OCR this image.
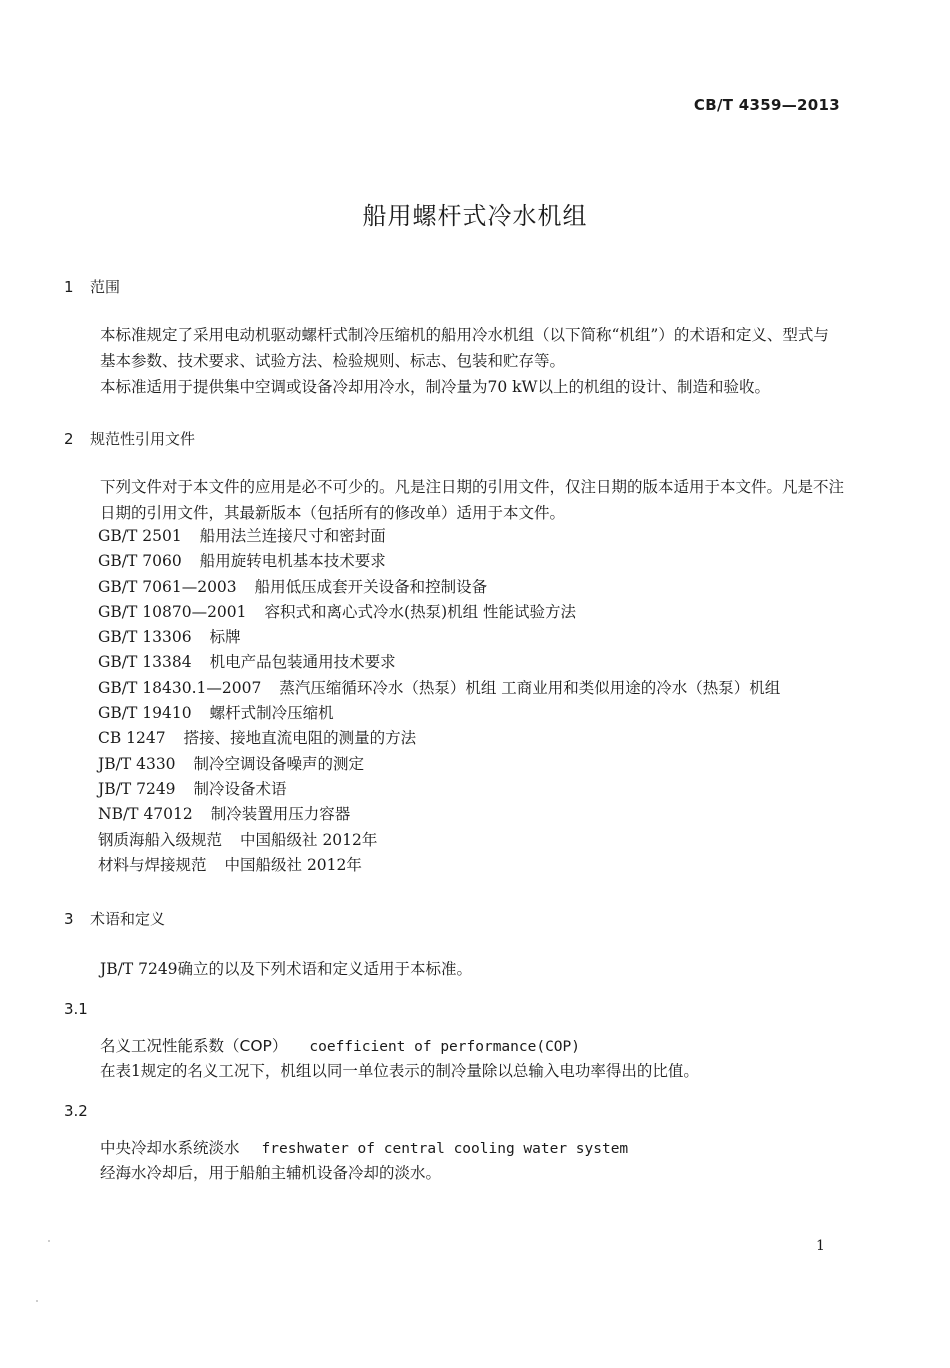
CB/T 4359—2013
船用螺杆式冷水机组
1 范围
本标准规定了采用电动机驱动螺杆式制冷压缩机的船用冷水机组（以下简称“机组”）的术语和定义、型式与基本参数、技术要求、试验方法、检验规则、标志、包装和贮存等。
本标准适用于提供集中空调或设备冷却用冷水，制冷量为70 kW以上的机组的设计、制造和验收。
2 规范性引用文件
下列文件对于本文件的应用是必不可少的。凡是注日期的引用文件，仅注日期的版本适用于本文件。凡是不注日期的引用文件，其最新版本（包括所有的修改单）适用于本文件。
GB/T 2501 船用法兰连接尺寸和密封面
GB/T 7060 船用旋转电机基本技术要求
GB/T 7061—2003 船用低压成套开关设备和控制设备
GB/T 10870—2001 容积式和离心式冷水(热泵)机组 性能试验方法
GB/T 13306 标牌
GB/T 13384 机电产品包装通用技术要求
GB/T 18430.1—2007 蒸汽压缩循环冷水（热泵）机组 工商业用和类似用途的冷水（热泵）机组
GB/T 19410 螺杆式制冷压缩机
CB 1247 搭接、接地直流电阻的测量的方法
JB/T 4330 制冷空调设备噪声的测定
JB/T 7249 制冷设备术语
NB/T 47012 制冷装置用压力容器
钢质海船入级规范 中国船级社 2012年
材料与焊接规范 中国船级社 2012年
3 术语和定义
JB/T 7249确立的以及下列术语和定义适用于本标准。
3.1
名义工况性能系数（COP） coefficient of performance(COP)
在表1规定的名义工况下，机组以同一单位表示的制冷量除以总输入电功率得出的比值。
3.2
中央冷却水系统淡水 freshwater of central cooling water system
经海水冷却后，用于船舶主辅机设备冷却的淡水。
1
